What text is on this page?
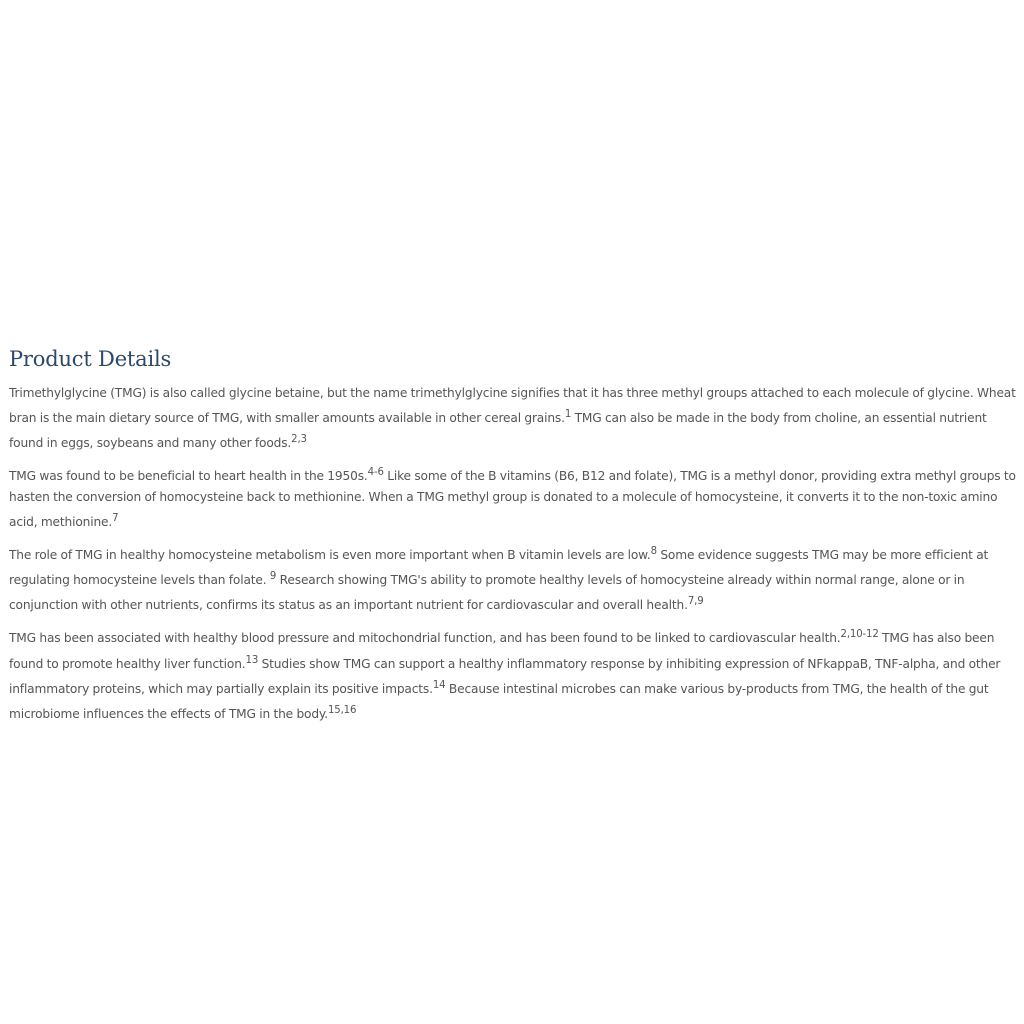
Product Details

Trimethylglycine (TMG) is also called glycine betaine, but the name trimethylglycine signifies that it has three methyl groups attached to each molecule of glycine. Wheat bran is the main dietary source of TMG, with smaller amounts available in other cereal grains.$^1$ TMG can also be made in the body from choline, an essential nutrient found in eggs, soybeans and many other foods.$^{2,3}$

TMG was found to be beneficial to heart health in the 1950s.$^{4-6}$ Like some of the B vitamins (B6, B12 and folate), TMG is a methyl donor, providing extra methyl groups to hasten the conversion of homocysteine back to methionine. When a TMG methyl group is donated to a molecule of homocysteine, it converts it to the non-toxic amino acid, methionine.$^7$

The role of TMG in healthy homocysteine metabolism is even more important when B vitamin levels are low.$^8$ Some evidence suggests TMG may be more efficient at regulating homocysteine levels than folate. $^9$ Research showing TMG's ability to promote healthy levels of homocysteine already within normal range, alone or in conjunction with other nutrients, confirms its status as an important nutrient for cardiovascular and overall health.$^{7,9}$

TMG has been associated with healthy blood pressure and mitochondrial function, and has been found to be linked to cardiovascular health.$^{2,10-12}$ TMG has also been found to promote healthy liver function.$^{13}$ Studies show TMG can support a healthy inflammatory response by inhibiting expression of NFkappaB, TNF-alpha, and other inflammatory proteins, which may partially explain its positive impacts.$^{14}$ Because intestinal microbes can make various by-products from TMG, the health of the gut microbiome influences the effects of TMG in the body.$^{15,16}$
